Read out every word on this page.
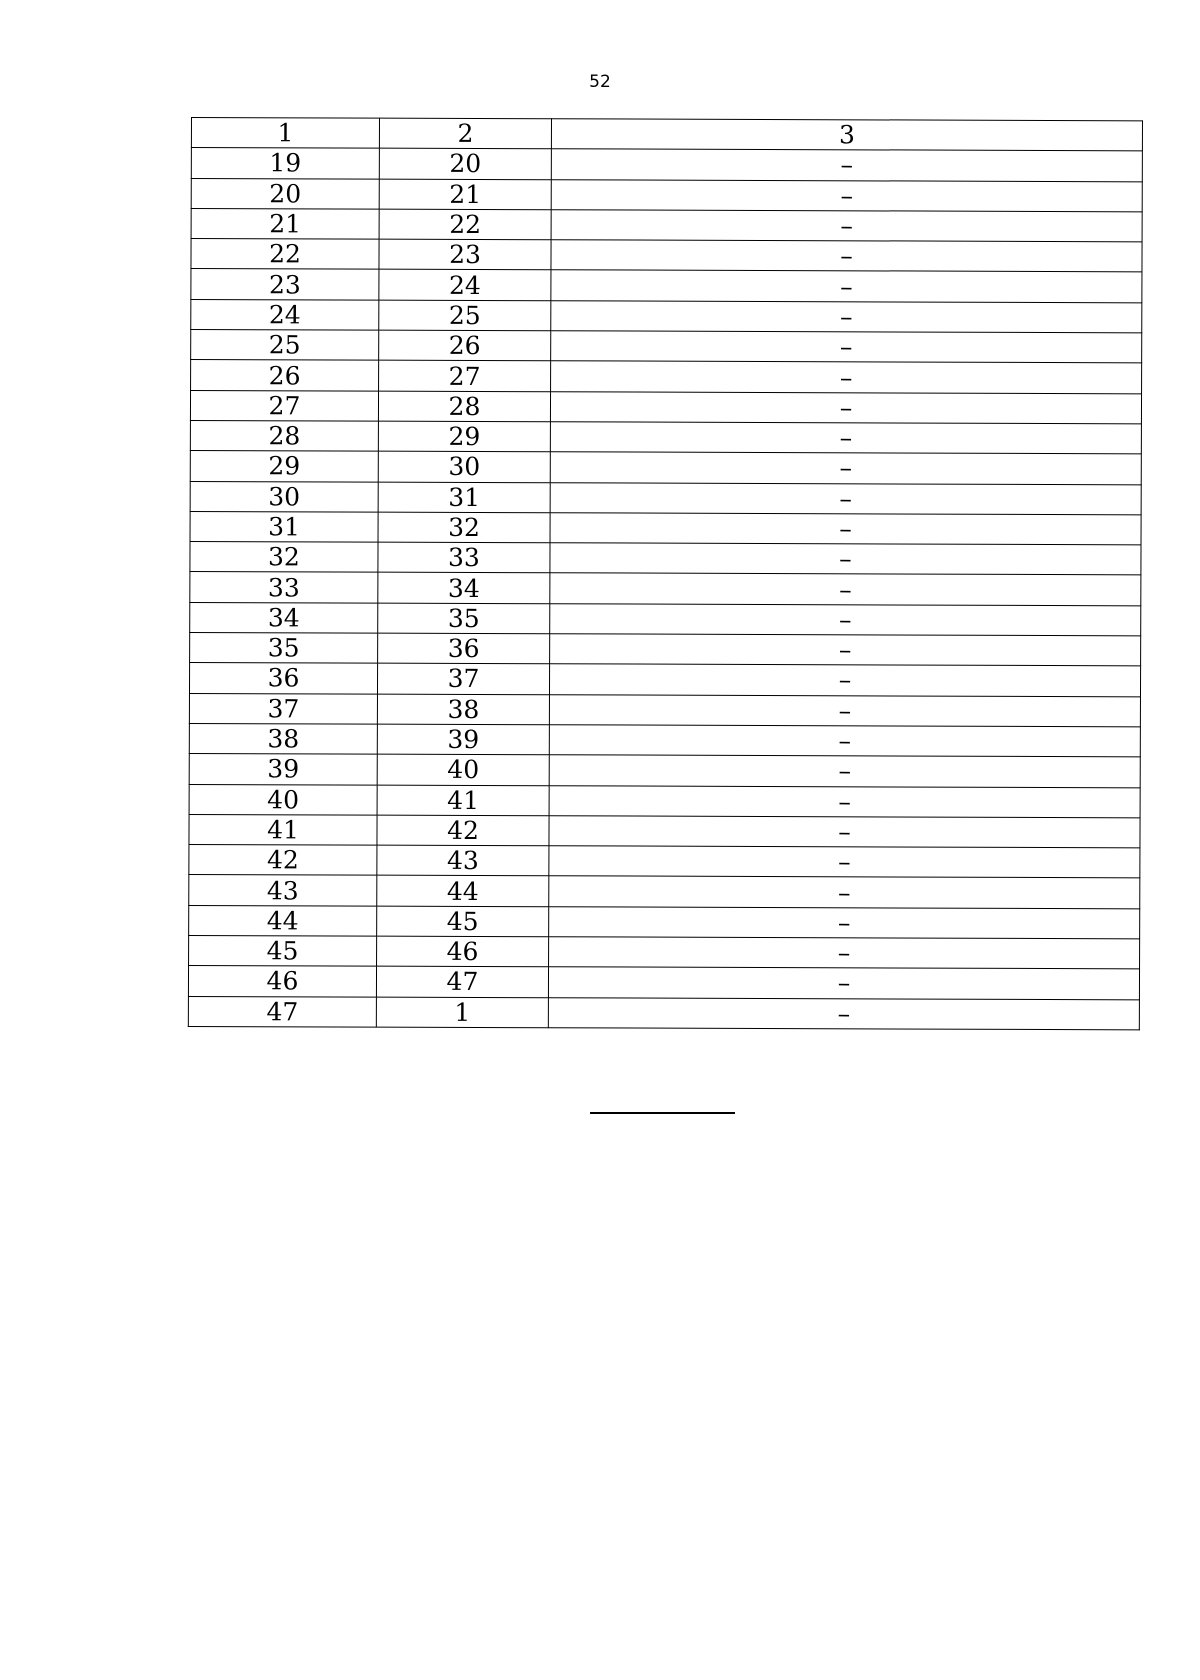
52
1	2	3
19	20	–
20	21	–
21	22	–
22	23	–
23	24	–
24	25	–
25	26	–
26	27	–
27	28	–
28	29	–
29	30	–
30	31	–
31	32	–
32	33	–
33	34	–
34	35	–
35	36	–
36	37	–
37	38	–
38	39	–
39	40	–
40	41	–
41	42	–
42	43	–
43	44	–
44	45	–
45	46	–
46	47	–
47	1	–
